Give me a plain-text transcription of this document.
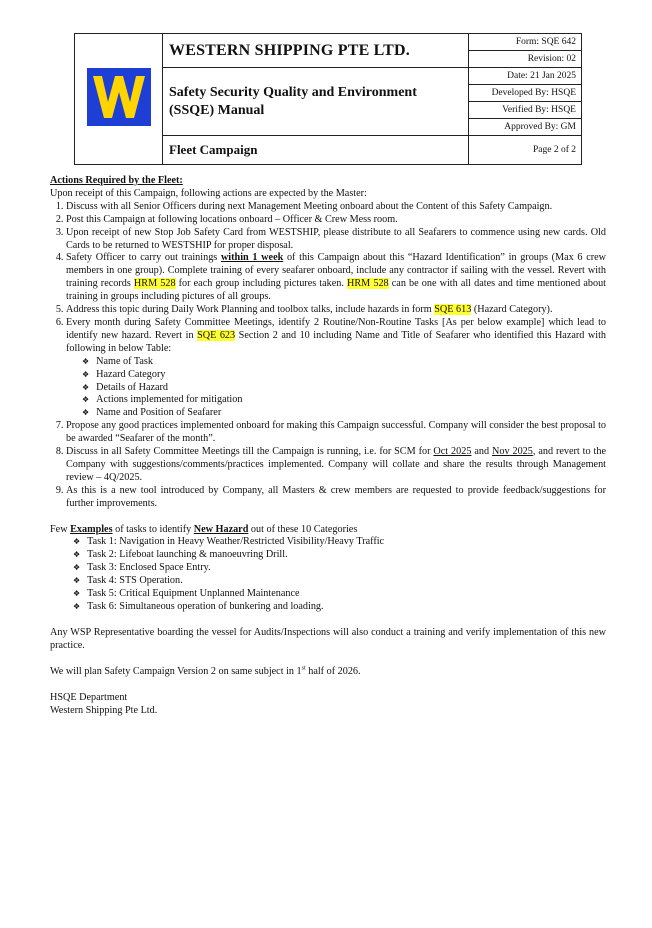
	WESTERN SHIPPING PTE LTD.	Form: SQE 642
		Revision: 02
	Safety Security Quality and Environment (SSQE) Manual	Date: 21 Jan 2025
		Developed By: HSQE
		Verified By: HSQE
		Approved By: GM

	Fleet Campaign	Page 2 of 2

Actions Required by the Fleet:

Upon receipt of this Campaign, following actions are expected by the Master:

1. Discuss with all Senior Officers during next Management Meeting onboard about the Content of this Safety Campaign.
2. Post this Campaign at following locations onboard – Officer & Crew Mess room.
3. Upon receipt of new Stop Job Safety Card from WESTSHIP, please distribute to all Seafarers to commence using new cards. Old Cards to be returned to WESTSHIP for proper disposal.
4. Safety Officer to carry out trainings within 1 week of this Campaign about this “Hazard Identification” in groups (Max 6 crew members in one group). Complete training of every seafarer onboard, include any contractor if sailing with the vessel. Revert with training records HRM 528 for each group including pictures taken. HRM 528 can be one with all dates and time mentioned about training in groups including pictures of all groups.
5. Address this topic during Daily Work Planning and toolbox talks, include hazards in form SQE 613 (Hazard Category).
6. Every month during Safety Committee Meetings, identify 2 Routine/Non-Routine Tasks [As per below example] which lead to identify new hazard. Revert in SQE 623 Section 2 and 10 including Name and Title of Seafarer who identified this Hazard with following in below Table:
❖ Name of Task
❖ Hazard Category
❖ Details of Hazard
❖ Actions implemented for mitigation
❖ Name and Position of Seafarer
7. Propose any good practices implemented onboard for making this Campaign successful. Company will consider the best proposal to be awarded “Seafarer of the month”.
8. Discuss in all Safety Committee Meetings till the Campaign is running, i.e. for SCM for Oct 2025 and Nov 2025, and revert to the Company with suggestions/comments/practices implemented. Company will collate and share the results through Management review – 4Q/2025.
9. As this is a new tool introduced by Company, all Masters & crew members are requested to provide feedback/suggestions for further improvements.

Few Examples of tasks to identify New Hazard out of these 10 Categories

❖ Task 1: Navigation in Heavy Weather/Restricted Visibility/Heavy Traffic
❖ Task 2: Lifeboat launching & manoeuvring Drill.
❖ Task 3: Enclosed Space Entry.
❖ Task 4: STS Operation.
❖ Task 5: Critical Equipment Unplanned Maintenance
❖ Task 6: Simultaneous operation of bunkering and loading.

Any WSP Representative boarding the vessel for Audits/Inspections will also conduct a training and verify implementation of this new practice.

We will plan Safety Campaign Version 2 on same subject in 1st half of 2026.

HSQE Department

Western Shipping Pte Ltd.
